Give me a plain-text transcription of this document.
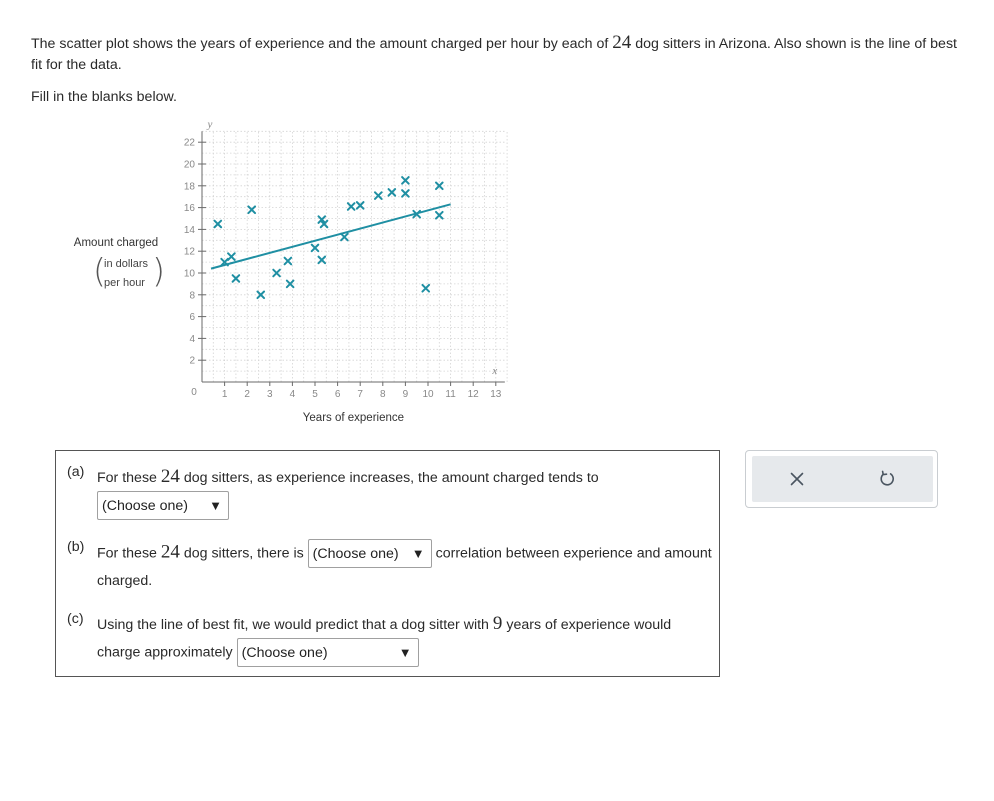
The scatter plot shows the years of experience and the amount charged per hour by each of 24 dog sitters in Arizona. Also shown is the line of best fit for the data.

Fill in the blanks below.

1 2 3 4 5 6 7 8 9 10 11 12 13
2
4
6
8
10
12
14
16
18
20
22
0
y
x
Years of experience
Amount charged
(
in dollars
per hour )
(a) For these 24 dog sitters, as experience increases, the amount charged tends to

(Choose one) ▼
(b) For these 24 dog sitters, there is (Choose one) ▼ correlation between experience and amount charged.
(c) Using the line of best fit, we would predict that a dog sitter with 9 years of experience would charge approximately (Choose one)	▼
